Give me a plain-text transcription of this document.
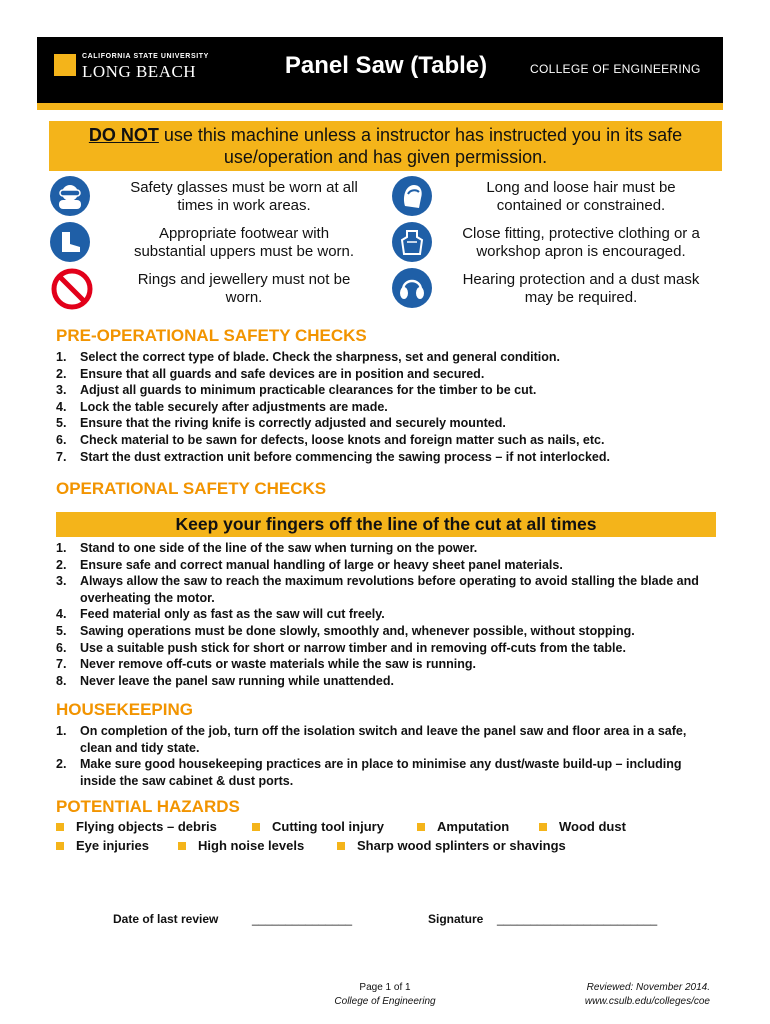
CALIFORNIA STATE UNIVERSITY
LONG BEACH	Panel Saw (Table)	COLLEGE OF ENGINEERING
DO NOT use this machine unless a instructor has instructed you in its safe
use/operation and has given permission.
Safety glasses must be worn at all
times in work areas.
Long and loose hair must be
contained or constrained.
Appropriate footwear with
substantial uppers must be worn.
Close fitting, protective clothing or a
workshop apron is encouraged.
Rings and jewellery must not be
worn.
Hearing protection and a dust mask
may be required.
PRE-OPERATIONAL SAFETY CHECKS
1.	Select the correct type of blade. Check the sharpness, set and general condition.
2.	Ensure that all guards and safe devices are in position and secured.
3.	Adjust all guards to minimum practicable clearances for the timber to be cut.
4.	Lock the table securely after adjustments are made.
5.	Ensure that the riving knife is correctly adjusted and securely mounted.
6.	Check material to be sawn for defects, loose knots and foreign matter such as nails, etc.
7.	Start the dust extraction unit before commencing the sawing process – if not interlocked.
OPERATIONAL SAFETY CHECKS
Keep your fingers off the line of the cut at all times
1.	Stand to one side of the line of the saw when turning on the power.
2.	Ensure safe and correct manual handling of large or heavy sheet panel materials.
3.	Always allow the saw to reach the maximum revolutions before operating to avoid stalling the blade and overheating the motor.
4.	Feed material only as fast as the saw will cut freely.
5.	Sawing operations must be done slowly, smoothly and, whenever possible, without stopping.
6.	Use a suitable push stick for short or narrow timber and in removing off-cuts from the table.
7.	Never remove off-cuts or waste materials while the saw is running.
8.	Never leave the panel saw running while unattended.
HOUSEKEEPING
1.	On completion of the job, turn off the isolation switch and leave the panel saw and floor area in a safe, clean and tidy state.
2.	Make sure good housekeeping practices are in place to minimise any dust/waste build-up – including inside the saw cabinet & dust ports.
POTENTIAL HAZARDS
Flying objects – debris	Cutting tool injury	Amputation	Wood dust
Eye injuries	High noise levels	Sharp wood splinters or shavings
Date of last review	_______________	Signature ________________________
Page 1 of 1
College of Engineering
Reviewed: November 2014.
www.csulb.edu/colleges/coe
